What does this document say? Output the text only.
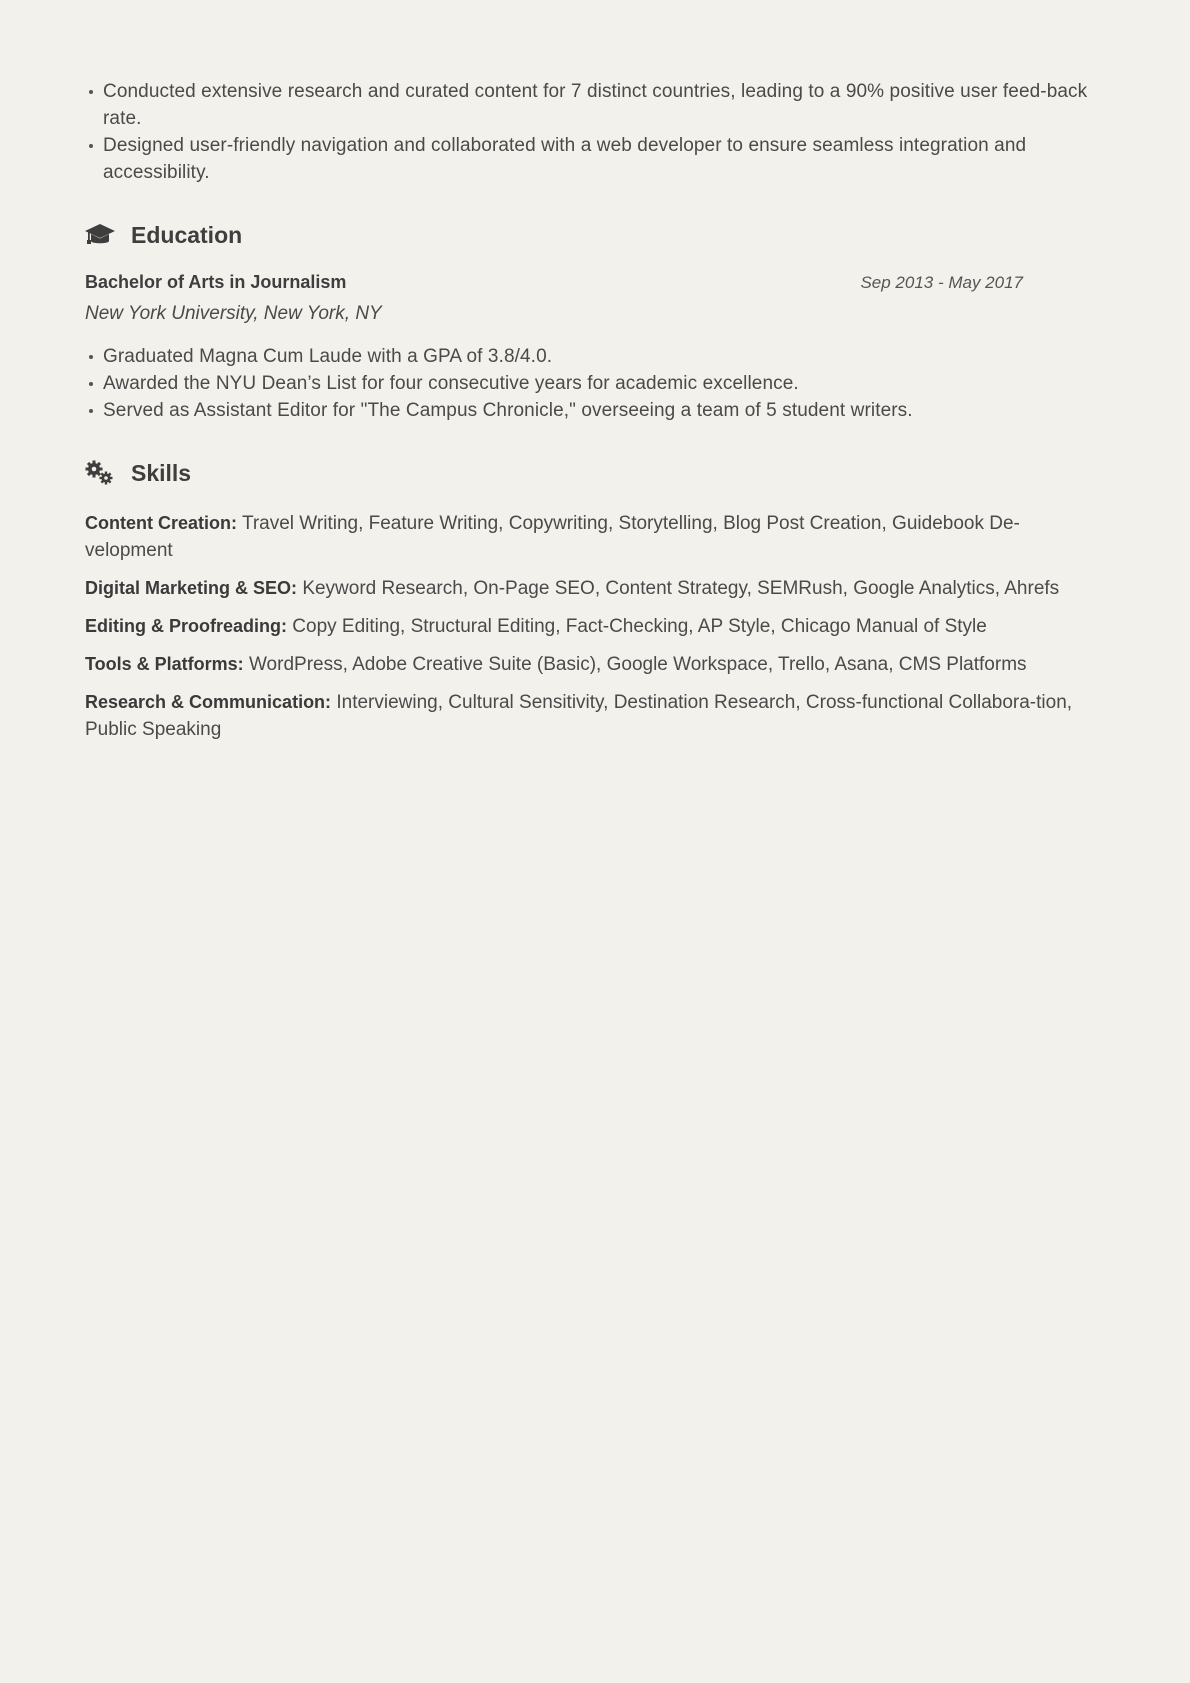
Conducted extensive research and curated content for 7 distinct countries, leading to a 90% positive user feed-back rate.
Designed user-friendly navigation and collaborated with a web developer to ensure seamless integration and accessibility.
Education
Bachelor of Arts in Journalism	Sep 2013 - May 2017
New York University, New York, NY
Graduated Magna Cum Laude with a GPA of 3.8/4.0.
Awarded the NYU Dean’s List for four consecutive years for academic excellence.
Served as Assistant Editor for "The Campus Chronicle," overseeing a team of 5 student writers.
Skills
Content Creation: Travel Writing, Feature Writing, Copywriting, Storytelling, Blog Post Creation, Guidebook De-velopment
Digital Marketing & SEO: Keyword Research, On-Page SEO, Content Strategy, SEMRush, Google Analytics, Ahrefs
Editing & Proofreading: Copy Editing, Structural Editing, Fact-Checking, AP Style, Chicago Manual of Style
Tools & Platforms: WordPress, Adobe Creative Suite (Basic), Google Workspace, Trello, Asana, CMS Platforms
Research & Communication: Interviewing, Cultural Sensitivity, Destination Research, Cross-functional Collabora-tion, Public Speaking
